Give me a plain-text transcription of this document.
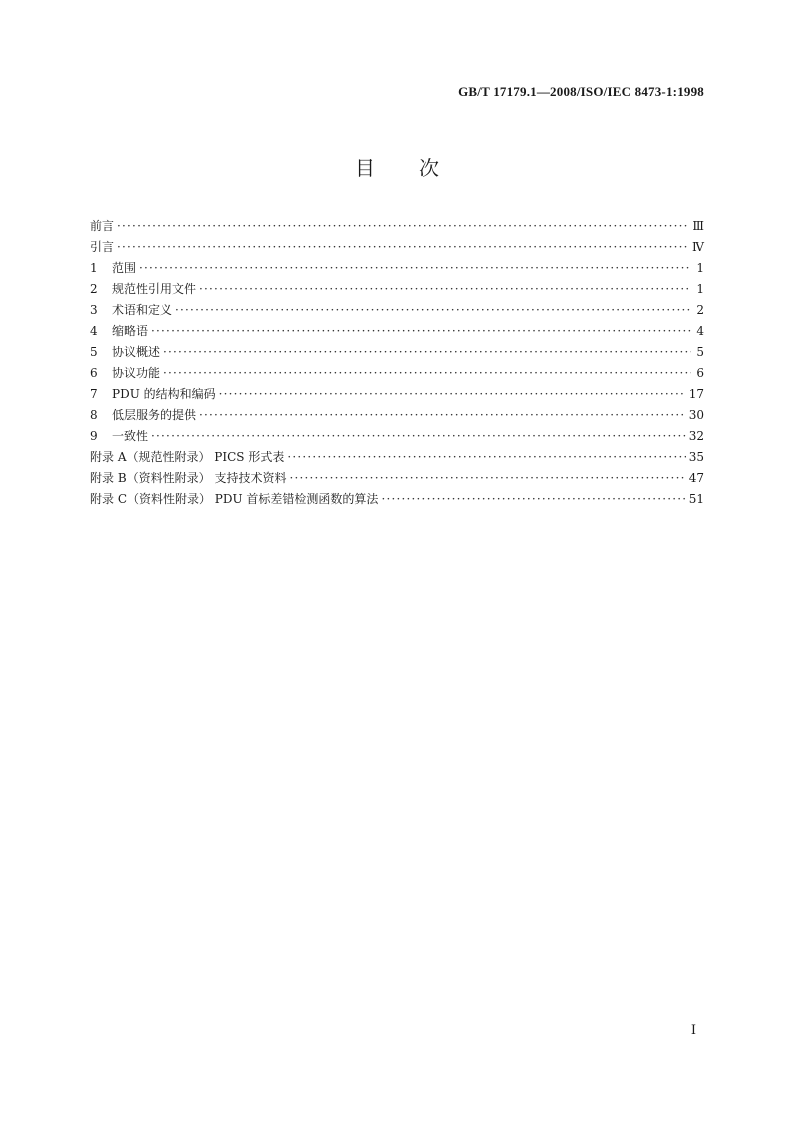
GB/T 17179.1—2008/ISO/IEC 8473-1:1998
目 次
前言 ·····	Ⅲ
引言 ·····	Ⅳ
1	范围 ·····	1
2	规范性引用文件 ·····	1
3	术语和定义 ·····	2
4	缩略语 ·····	4
5	协议概述 ·····	5
6	协议功能 ·····	6
7	PDU 的结构和编码 ·····	17
8	低层服务的提供 ·····	30
9	一致性 ·····	32
附录 A（规范性附录） PICS 形式表 ·····	35
附录 B（资料性附录） 支持技术资料 ·····	47
附录 C（资料性附录） PDU 首标差错检测函数的算法 ·····	51
Ⅰ
